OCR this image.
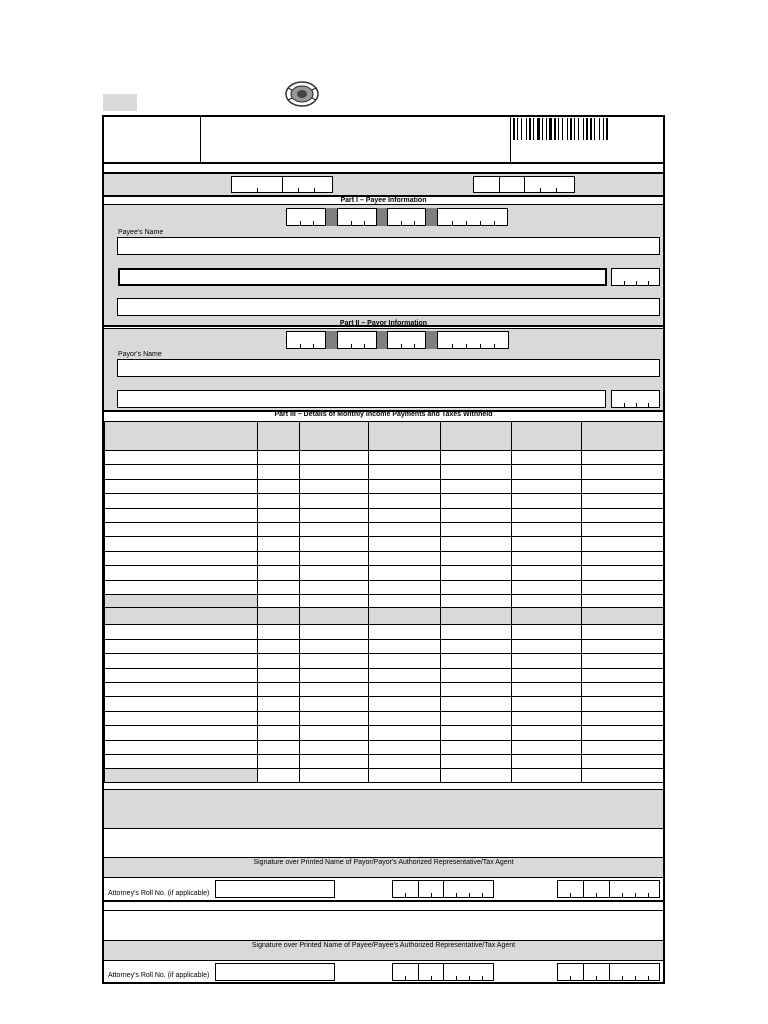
Part I – Payee Information
Payee's Name
Part II – Payor Information
Payor's Name
Part III – Details of Monthly Income Payments and Taxes Withheld

Signature over Printed Name of Payor/Payor's Authorized Representative/Tax Agent
Attorney's Roll No. (if applicable)
Signature over Printed Name of Payee/Payee's Authorized Representative/Tax Agent
Attorney's Roll No. (if applicable)
